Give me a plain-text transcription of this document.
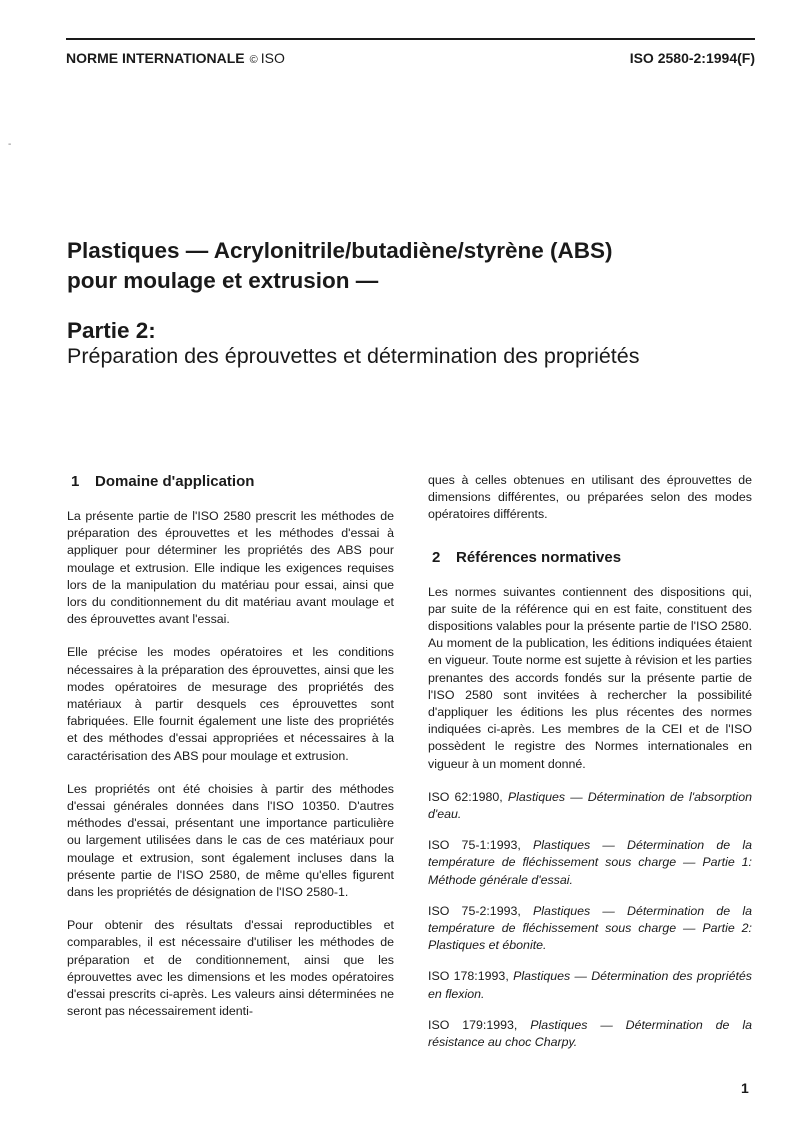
NORME INTERNATIONALE © ISO	ISO 2580-2:1994(F)
-
Plastiques — Acrylonitrile/butadiène/styrène (ABS)
pour moulage et extrusion —
Partie 2:
Préparation des éprouvettes et détermination des propriétés
1 Domaine d'application

La présente partie de l'ISO 2580 prescrit les méthodes de préparation des éprouvettes et les méthodes d'essai à appliquer pour déterminer les propriétés des ABS pour moulage et extrusion. Elle indique les exigences requises lors de la manipulation du matériau pour essai, ainsi que lors du conditionnement du dit matériau avant moulage et des éprouvettes avant l'essai.

Elle précise les modes opératoires et les conditions nécessaires à la préparation des éprouvettes, ainsi que les modes opératoires de mesurage des propriétés des matériaux à partir desquels ces éprouvettes sont fabriquées. Elle fournit également une liste des propriétés et des méthodes d'essai appropriées et nécessaires à la caractérisation des ABS pour moulage et extrusion.

Les propriétés ont été choisies à partir des méthodes d'essai générales données dans l'ISO 10350. D'autres méthodes d'essai, présentant une importance particulière ou largement utilisées dans le cas de ces matériaux pour moulage et extrusion, sont également incluses dans la présente partie de l'ISO 2580, de même qu'elles figurent dans les propriétés de désignation de l'ISO 2580-1.

Pour obtenir des résultats d'essai reproductibles et comparables, il est nécessaire d'utiliser les méthodes de préparation et de conditionnement, ainsi que les éprouvettes avec les dimensions et les modes opératoires d'essai prescrits ci-après. Les valeurs ainsi déterminées ne seront pas nécessairement identi-

ques à celles obtenues en utilisant des éprouvettes de dimensions différentes, ou préparées selon des modes opératoires différents.

2 Références normatives

Les normes suivantes contiennent des dispositions qui, par suite de la référence qui en est faite, constituent des dispositions valables pour la présente partie de l'ISO 2580. Au moment de la publication, les éditions indiquées étaient en vigueur. Toute norme est sujette à révision et les parties prenantes des accords fondés sur la présente partie de l'ISO 2580 sont invitées à rechercher la possibilité d'appliquer les éditions les plus récentes des normes indiquées ci-après. Les membres de la CEI et de l'ISO possèdent le registre des Normes internationales en vigueur à un moment donné.

ISO 62:1980, Plastiques — Détermination de l'absorption d'eau.

ISO 75-1:1993, Plastiques — Détermination de la température de fléchissement sous charge — Partie 1: Méthode générale d'essai.

ISO 75-2:1993, Plastiques — Détermination de la température de fléchissement sous charge — Partie 2: Plastiques et ébonite.

ISO 178:1993, Plastiques — Détermination des propriétés en flexion.

ISO 179:1993, Plastiques — Détermination de la résistance au choc Charpy.

1
